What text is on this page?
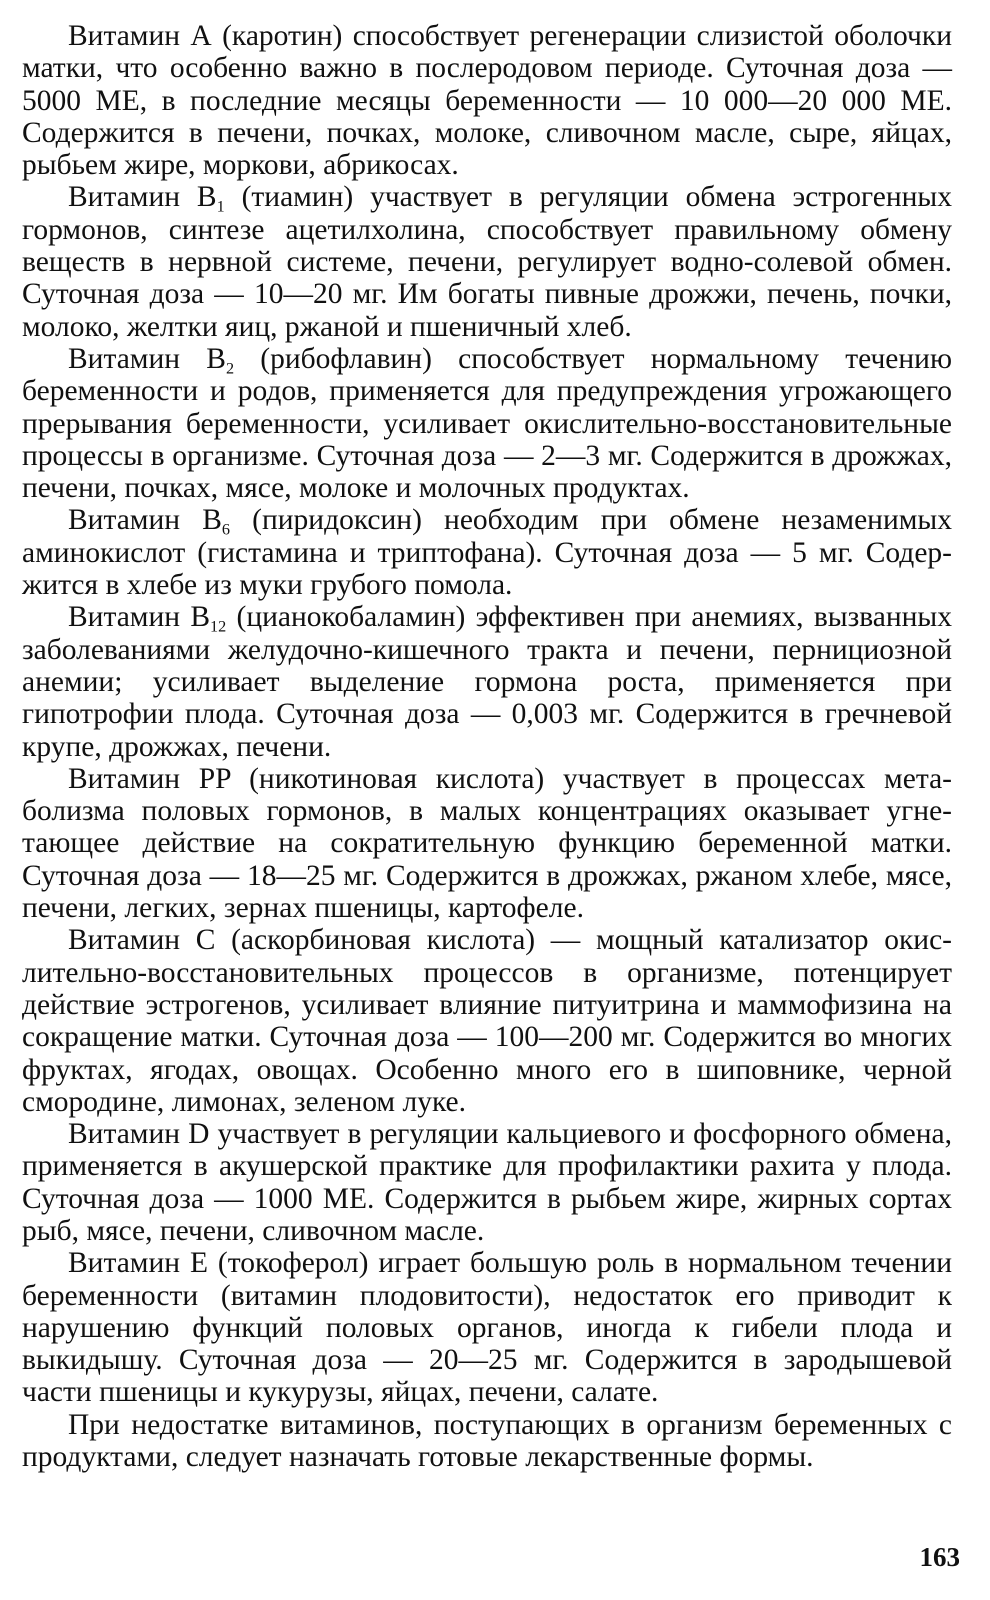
Витамин А (каротин) способствует регенерации слизистой оболочки матки, что особенно важно в послеродовом периоде. Суточная доза — 5000 МЕ, в последние месяцы беременности — 10 000—20 000 МЕ. Содержится в печени, почках, молоке, сливочном масле, сыре, яйцах, рыбьем жире, моркови, абрикосах.

Витамин $B_1$ (тиамин) участвует в регуляции обмена эстрогенных гормонов, синтезе ацетилхолина, способствует правильному обмену веществ в нервной системе, печени, регулирует водно-солевой обмен. Суточная доза — 10—20 мг. Им богаты пивные дрожжи, печень, почки, молоко, желтки яиц, ржаной и пшеничный хлеб.

Витамин $B_2$ (рибофлавин) способствует нормальному течению беременности и родов, применяется для предупреждения угрожающего прерывания беременности, усиливает окислительно-восстановительные процессы в организме. Суточная доза — 2—3 мг. Содержится в дрожжах, печени, почках, мясе, молоке и молочных продуктах.

Витамин $B_6$ (пиридоксин) необходим при обмене незаменимых аминокислот (гистамина и триптофана). Суточная доза — 5 мг. Содержится в хлебе из муки грубого помола.

Витамин $B_{12}$ (цианокобаламин) эффективен при анемиях, вызванных заболеваниями желудочно-кишечного тракта и печени, пернициозной анемии; усиливает выделение гормона роста, применяется при гипотрофии плода. Суточная доза — 0,003 мг. Содержится в гречневой крупе, дрожжах, печени.

Витамин PP (никотиновая кислота) участвует в процессах метаболизма половых гормонов, в малых концентрациях оказывает угнетающее действие на сократительную функцию беременной матки. Суточная доза — 18—25 мг. Содержится в дрожжах, ржаном хлебе, мясе, печени, легких, зернах пшеницы, картофеле.

Витамин С (аскорбиновая кислота) — мощный катализатор окислительно-восстановительных процессов в организме, потенцирует действие эстрогенов, усиливает влияние питуитрина и маммофизина на сокращение матки. Суточная доза — 100—200 мг. Содержится во многих фруктах, ягодах, овощах. Особенно много его в шиповнике, черной смородине, лимонах, зеленом луке.

Витамин D участвует в регуляции кальциевого и фосфорного обмена, применяется в акушерской практике для профилактики рахита у плода. Суточная доза — 1000 МЕ. Содержится в рыбьем жире, жирных сортах рыб, мясе, печени, сливочном масле.

Витамин Е (токоферол) играет большую роль в нормальном течении беременности (витамин плодовитости), недостаток его приводит к нарушению функций половых органов, иногда к гибели плода и выкидышу. Суточная доза — 20—25 мг. Содержится в зародышевой части пшеницы и кукурузы, яйцах, печени, салате.

При недостатке витаминов, поступающих в организм беременных с продуктами, следует назначать готовые лекарственные формы.

163
